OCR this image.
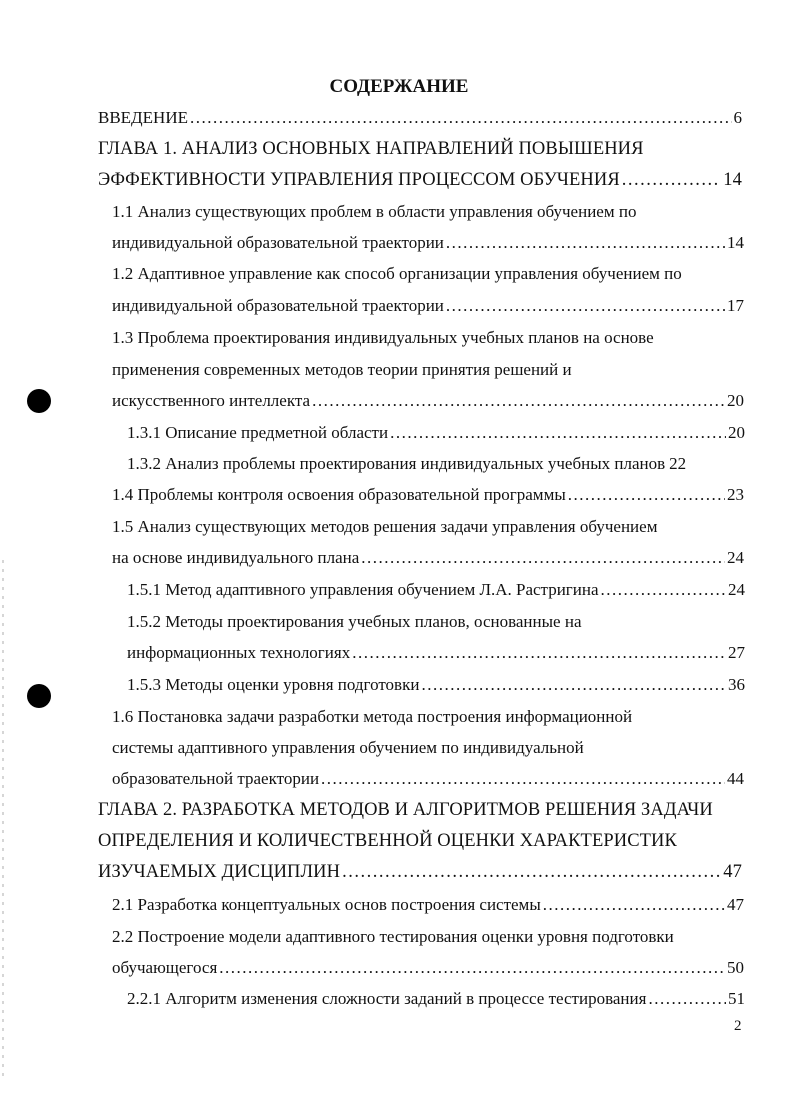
СОДЕРЖАНИЕ
ВВЕДЕНИЕ .....	6
ГЛАВА 1. АНАЛИЗ ОСНОВНЫХ НАПРАВЛЕНИЙ ПОВЫШЕНИЯ
ЭФФЕКТИВНОСТИ УПРАВЛЕНИЯ ПРОЦЕССОМ ОБУЧЕНИЯ .....	14
1.1 Анализ существующих проблем в области управления обучением по
индивидуальной образовательной траектории .....	14
1.2 Адаптивное управление как способ организации управления обучением по
индивидуальной образовательной траектории .....	17
1.3 Проблема проектирования индивидуальных учебных планов на основе
применения современных методов теории принятия решений и
искусственного интеллекта .....	20
1.3.1 Описание предметной области .....	20
1.3.2 Анализ проблемы проектирования индивидуальных учебных планов 22
1.4 Проблемы контроля освоения образовательной программы .....	23
1.5 Анализ существующих методов решения задачи управления обучением
на основе индивидуального плана .....	24
1.5.1 Метод адаптивного управления обучением Л.А. Растригина .....	24
1.5.2 Методы проектирования учебных планов, основанные на
информационных технологиях .....	27
1.5.3 Методы оценки уровня подготовки .....	36
1.6 Постановка задачи разработки метода построения информационной
системы адаптивного управления обучением по индивидуальной
образовательной траектории .....	44
ГЛАВА 2. РАЗРАБОТКА МЕТОДОВ И АЛГОРИТМОВ РЕШЕНИЯ ЗАДАЧИ
ОПРЕДЕЛЕНИЯ И КОЛИЧЕСТВЕННОЙ ОЦЕНКИ ХАРАКТЕРИСТИК
ИЗУЧАЕМЫХ ДИСЦИПЛИН .....	47
2.1 Разработка концептуальных основ построения системы .....	47
2.2 Построение модели адаптивного тестирования оценки уровня подготовки
обучающегося .....	50
2.2.1 Алгоритм изменения сложности заданий в процессе тестирования .....	51
2
